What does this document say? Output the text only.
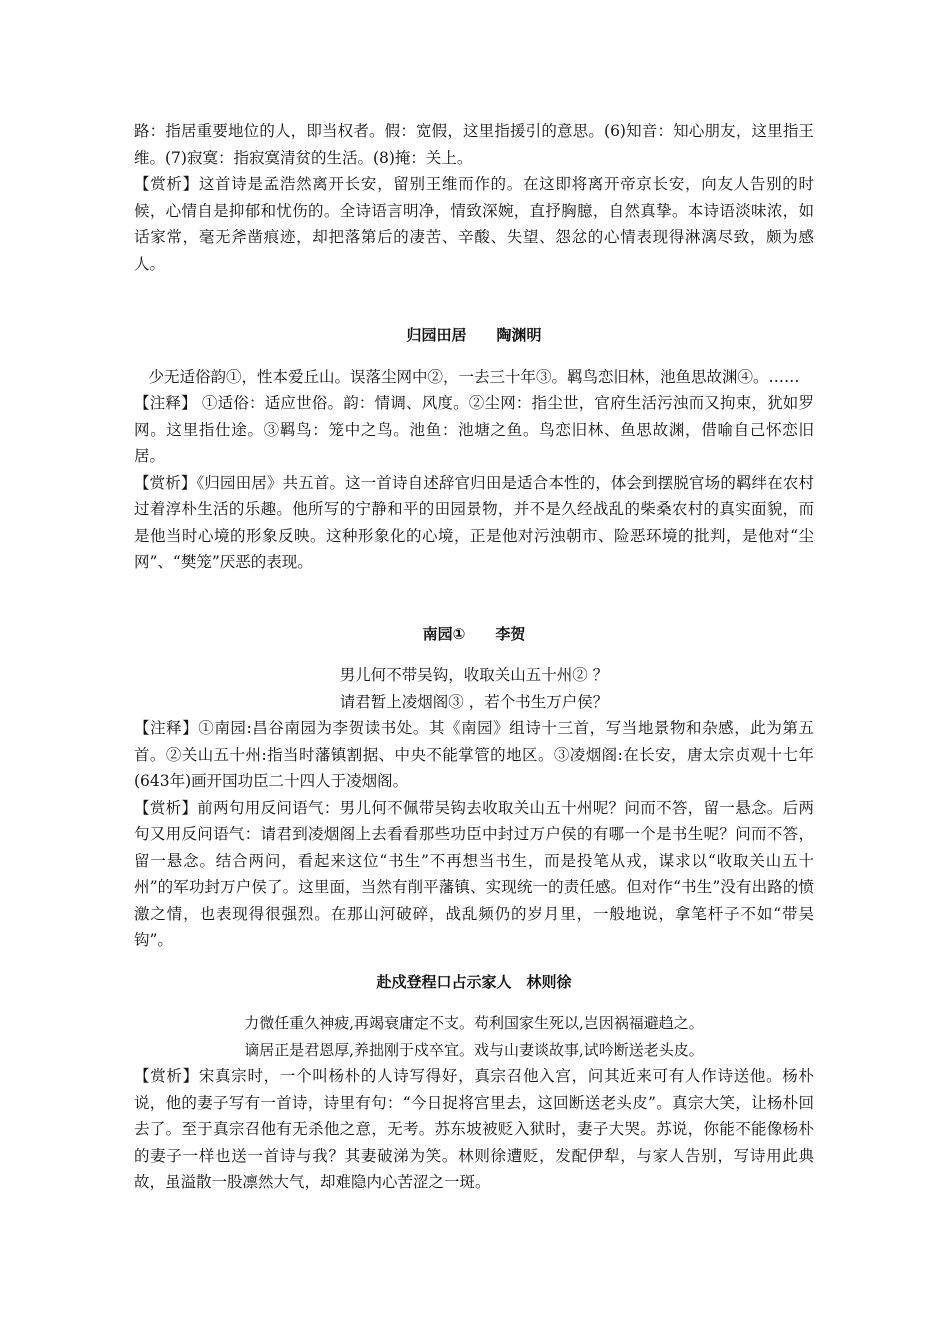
路：指居重要地位的人，即当权者。假：宽假，这里指援引的意思。(6)知音：知心朋友，这里指王维。(7)寂寞：指寂寞清贫的生活。(8)掩：关上。

【赏析】这首诗是孟浩然离开长安，留别王维而作的。在这即将离开帝京长安，向友人告别的时候，心情自是抑郁和忧伤的。全诗语言明净，情致深婉，直抒胸臆，自然真挚。本诗语淡味浓，如话家常，毫无斧凿痕迹，却把落第后的凄苦、辛酸、失望、怨忿的心情表现得淋漓尽致，颇为感人。

归园田居　　陶渊明

少无适俗韵①，性本爱丘山。误落尘网中②，一去三十年③。羁鸟恋旧林，池鱼思故渊④。……

【注释】 ①适俗：适应世俗。韵：情调、风度。②尘网：指尘世，官府生活污浊而又拘束，犹如罗网。这里指仕途。③羁鸟：笼中之鸟。池鱼：池塘之鱼。鸟恋旧林、鱼思故渊，借喻自己怀恋旧居。

【赏析】《归园田居》共五首。这一首诗自述辞官归田是适合本性的，体会到摆脱官场的羁绊在农村过着淳朴生活的乐趣。他所写的宁静和平的田园景物，并不是久经战乱的柴桑农村的真实面貌，而是他当时心境的形象反映。这种形象化的心境，正是他对污浊朝市、险恶环境的批判，是他对“尘网”、“樊笼”厌恶的表现。

南园①　　李贺

男儿何不带吴钩，收取关山五十州② ？

请君暂上凌烟阁③ ，若个书生万户侯？

【注释】①南园:昌谷南园为李贺读书处。其《南园》组诗十三首，写当地景物和杂感，此为第五首。②关山五十州:指当时藩镇割据、中央不能掌管的地区。③凌烟阁:在长安，唐太宗贞观十七年(643年)画开国功臣二十四人于凌烟阁。

【赏析】前两句用反问语气：男儿何不佩带吴钩去收取关山五十州呢？问而不答，留一悬念。后两句又用反问语气：请君到凌烟阁上去看看那些功臣中封过万户侯的有哪一个是书生呢？问而不答，留一悬念。结合两问，看起来这位“书生”不再想当书生，而是投笔从戎，谋求以“收取关山五十州”的军功封万户侯了。这里面，当然有削平藩镇、实现统一的责任感。但对作“书生”没有出路的愤激之情，也表现得很强烈。在那山河破碎，战乱频仍的岁月里，一般地说，拿笔杆子不如“带吴钩”。

赴戍登程口占示家人　林则徐

力微任重久神疲,再竭衰庸定不支。苟利国家生死以,岂因祸福避趋之。

谪居正是君恩厚,养拙刚于戍卒宜。戏与山妻谈故事,试吟断送老头皮。

【赏析】宋真宗时，一个叫杨朴的人诗写得好，真宗召他入宫，问其近来可有人作诗送他。杨朴说，他的妻子写有一首诗，诗里有句：“今日捉将宫里去，这回断送老头皮”。真宗大笑，让杨朴回去了。至于真宗召他有无杀他之意，无考。苏东坡被贬入狱时，妻子大哭。苏说，你能不能像杨朴的妻子一样也送一首诗与我？其妻破涕为笑。林则徐遭贬，发配伊犁，与家人告别，写诗用此典故，虽溢散一股凛然大气，却难隐内心苦涩之一斑。
